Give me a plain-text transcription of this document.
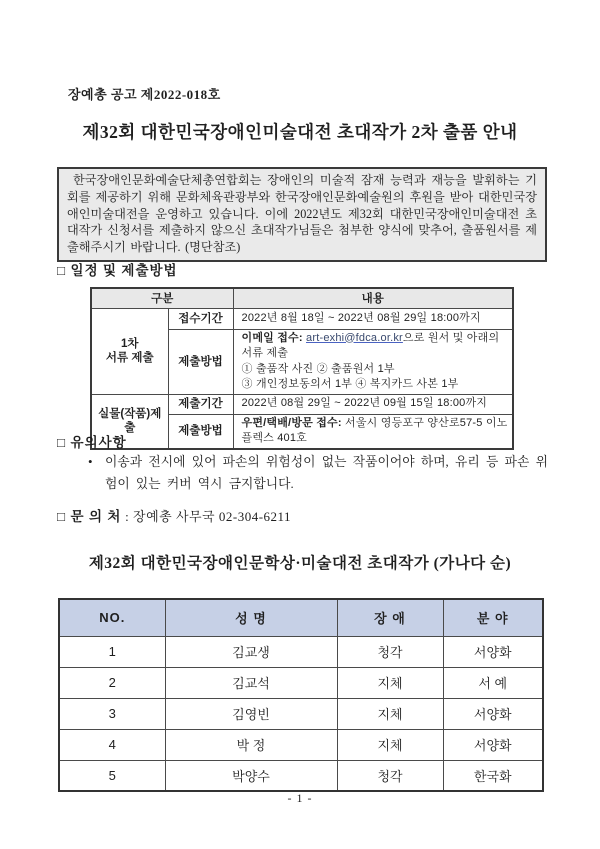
장예총 공고 제2022-018호
제32회 대한민국장애인미술대전 초대작가 2차 출품 안내

한국장애인문화예술단체총연합회는 장애인의 미술적 잠재 능력과 재능을 발휘하는 기회를 제공하기 위해 문화체육관광부와 한국장애인문화예술원의 후원을 받아 대한민국장애인미술대전을 운영하고 있습니다. 이에 2022년도 제32회 대한민국장애인미술대전 초대작가 신청서를 제출하지 않으신 초대작가님들은 첨부한 양식에 맞추어, 출품원서를 제출해주시기 바랍니다. (명단참조)

□ 일정 및 제출방법
구분		내용
1차
서류 제출	접수기간	2022년 8월 18일 ~ 2022년 08월 29일 18:00까지
	제출방법	이메일 접수: art-exhi@fdca.or.kr으로 원서 및 아래의 서류 제출
① 출품작 사진 ② 출품원서 1부
③ 개인정보동의서 1부 ④ 복지카드 사본 1부

실물(작품)제출	제출기간	2022년 08월 29일 ~ 2022년 09월 15일 18:00까지
	제출방법	우편/택배/방문 접수: 서울시 영등포구 양산로57-5 이노플렉스 401호
□ 유의사항
• 이송과 전시에 있어 파손의 위험성이 없는 작품이어야 하며, 유리 등 파손 위험이 있는 커버 역시 금지합니다.

□ 문 의 처 : 장예총 사무국 02-304-6211
제32회 대한민국장애인문학상·미술대전 초대작가 (가나다 순)
NO.	성 명	장 애	분 야
1	김교생	청각	서양화
2	김교석	지체	서 예
3	김영빈	지체	서양화
4	박 정	지체	서양화
5	박양수	청각	한국화
- 1 -
